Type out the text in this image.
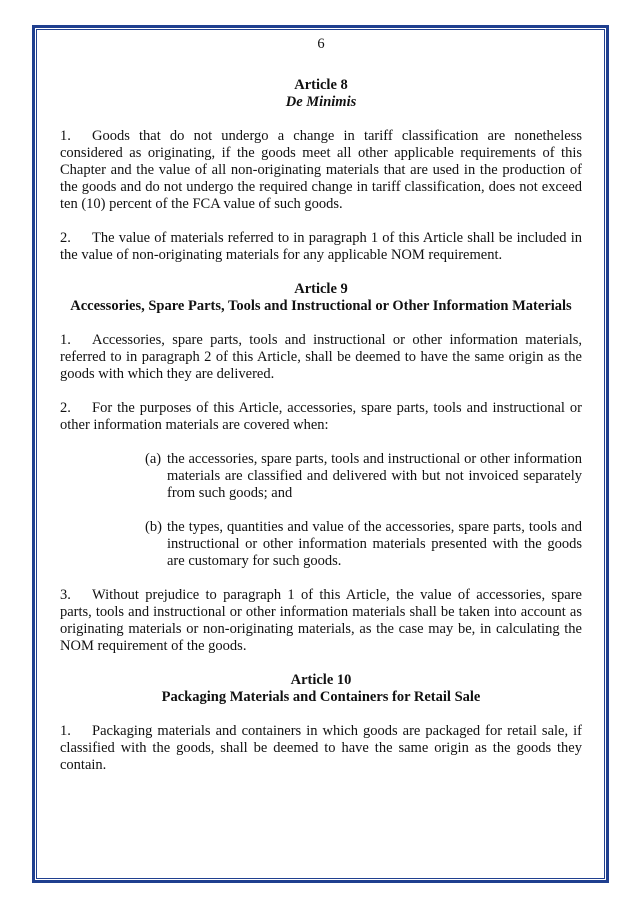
6
Article 8
De Minimis

1. Goods that do not undergo a change in tariff classification are nonetheless considered as originating, if the goods meet all other applicable requirements of this Chapter and the value of all non-originating materials that are used in the production of the goods and do not undergo the required change in tariff classification, does not exceed ten (10) percent of the FCA value of such goods.

2. The value of materials referred to in paragraph 1 of this Article shall be included in the value of non-originating materials for any applicable NOM requirement.

Article 9
Accessories, Spare Parts, Tools and Instructional or Other Information Materials

1. Accessories, spare parts, tools and instructional or other information materials, referred to in paragraph 2 of this Article, shall be deemed to have the same origin as the goods with which they are delivered.

2. For the purposes of this Article, accessories, spare parts, tools and instructional or other information materials are covered when:

(a) the accessories, spare parts, tools and instructional or other information materials are classified and delivered with but not invoiced separately from such goods; and
(b) the types, quantities and value of the accessories, spare parts, tools and instructional or other information materials presented with the goods are customary for such goods.

3. Without prejudice to paragraph 1 of this Article, the value of accessories, spare parts, tools and instructional or other information materials shall be taken into account as originating materials or non-originating materials, as the case may be, in calculating the NOM requirement of the goods.

Article 10
Packaging Materials and Containers for Retail Sale

1. Packaging materials and containers in which goods are packaged for retail sale, if classified with the goods, shall be deemed to have the same origin as the goods they contain.
